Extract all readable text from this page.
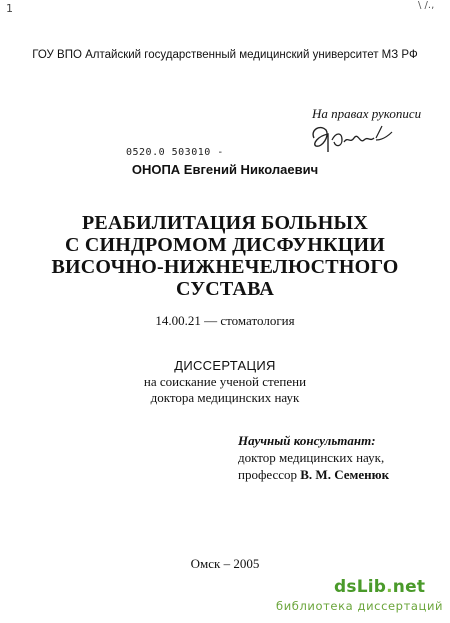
1	\ /.,
ГОУ ВПО Алтайский государственный медицинский университет МЗ РФ
На правах рукописи
0520.0 503010 -
ОНОПА Евгений Николаевич
РЕАБИЛИТАЦИЯ БОЛЬНЫХ
С СИНДРОМОМ ДИСФУНКЦИИ
ВИСОЧНО-НИЖНЕЧЕЛЮСТНОГО
СУСТАВА
14.00.21 — стоматология
ДИССЕРТАЦИЯ
на соискание ученой степени
доктора медицинских наук
Научный консультант:
доктор медицинских наук,
профессор В. М. Семенюк
Омск – 2005
dsLib.net
библиотека диссертаций
